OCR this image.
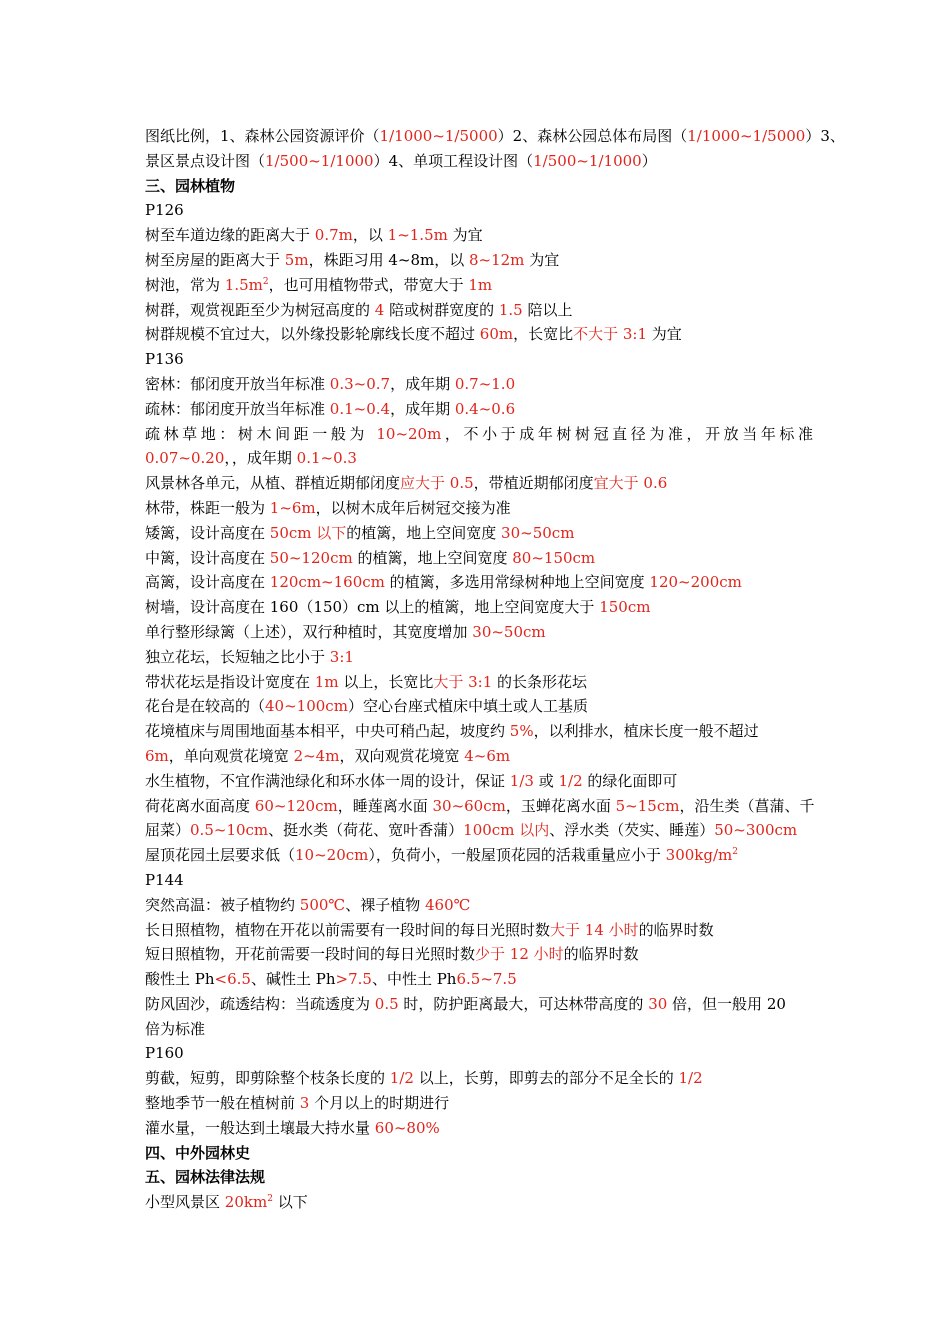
图纸比例，1、森林公园资源评价（1/1000~1/5000）2、森林公园总体布局图（1/1000~1/5000）3、
景区景点设计图（1/500~1/1000）4、单项工程设计图（1/500~1/1000）
三、园林植物
P126
树至车道边缘的距离大于 0.7m，以 1~1.5m 为宜
树至房屋的距离大于 5m，株距习用 4~8m，以 8~12m 为宜
树池，常为 $1.5m^2$，也可用植物带式，带宽大于 1m
树群，观赏视距至少为树冠高度的 4 陪或树群宽度的 1.5 陪以上
树群规模不宜过大，以外缘投影轮廓线长度不超过 60m，长宽比不大于 3:1 为宜
P136
密林：郁闭度开放当年标准 0.3~0.7，成年期 0.7~1.0
疏林：郁闭度开放当年标准 0.1~0.4，成年期 0.4~0.6
疏林草地：树木间距一般为 10~20m，不小于成年树树冠直径为准，开放当年标准
0.07~0.20，，成年期 0.1~0.3
风景林各单元，从植、群植近期郁闭度应大于 0.5，带植近期郁闭度宜大于 0.6
林带，株距一般为 1~6m，以树木成年后树冠交接为准
矮篱，设计高度在 50cm 以下的植篱，地上空间宽度 30~50cm
中篱，设计高度在 50~120cm 的植篱，地上空间宽度 80~150cm
高篱，设计高度在 120cm~160cm 的植篱，多选用常绿树种地上空间宽度 120~200cm
树墙，设计高度在 160（150）cm 以上的植篱，地上空间宽度大于 150cm
单行整形绿篱（上述），双行种植时，其宽度增加 30~50cm
独立花坛，长短轴之比小于 3:1
带状花坛是指设计宽度在 1m 以上，长宽比大于 3:1 的长条形花坛
花台是在较高的（40~100cm）空心台座式植床中填土或人工基质
花境植床与周围地面基本相平，中央可稍凸起，坡度约 5%，以利排水，植床长度一般不超过
6m，单向观赏花境宽 2~4m，双向观赏花境宽 4~6m
水生植物，不宜作满池绿化和环水体一周的设计，保证 1/3 或 1/2 的绿化面即可
荷花离水面高度 60~120cm，睡莲离水面 30~60cm，玉蝉花离水面 5~15cm，沿生类（菖蒲、千
屈菜）0.5~10cm、挺水类（荷花、宽叶香蒲）100cm 以内、浮水类（芡实、睡莲）50~300cm
屋顶花园土层要求低（10~20cm），负荷小，一般屋顶花园的活栽重量应小于 $300kg/m^2$
P144
突然高温：被子植物约 500℃、裸子植物 460℃
长日照植物，植物在开花以前需要有一段时间的每日光照时数大于 14 小时的临界时数
短日照植物，开花前需要一段时间的每日光照时数少于 12 小时的临界时数
酸性土 Ph<6.5、碱性土 Ph>7.5、中性土 Ph6.5~7.5
防风固沙，疏透结构：当疏透度为 0.5 时，防护距离最大，可达林带高度的 30 倍，但一般用 20
倍为标准
P160
剪截，短剪，即剪除整个枝条长度的 1/2 以上，长剪，即剪去的部分不足全长的 1/2
整地季节一般在植树前 3 个月以上的时期进行
灌水量，一般达到土壤最大持水量 60~80%
四、中外园林史
五、园林法律法规
小型风景区 $20km^2$ 以下
